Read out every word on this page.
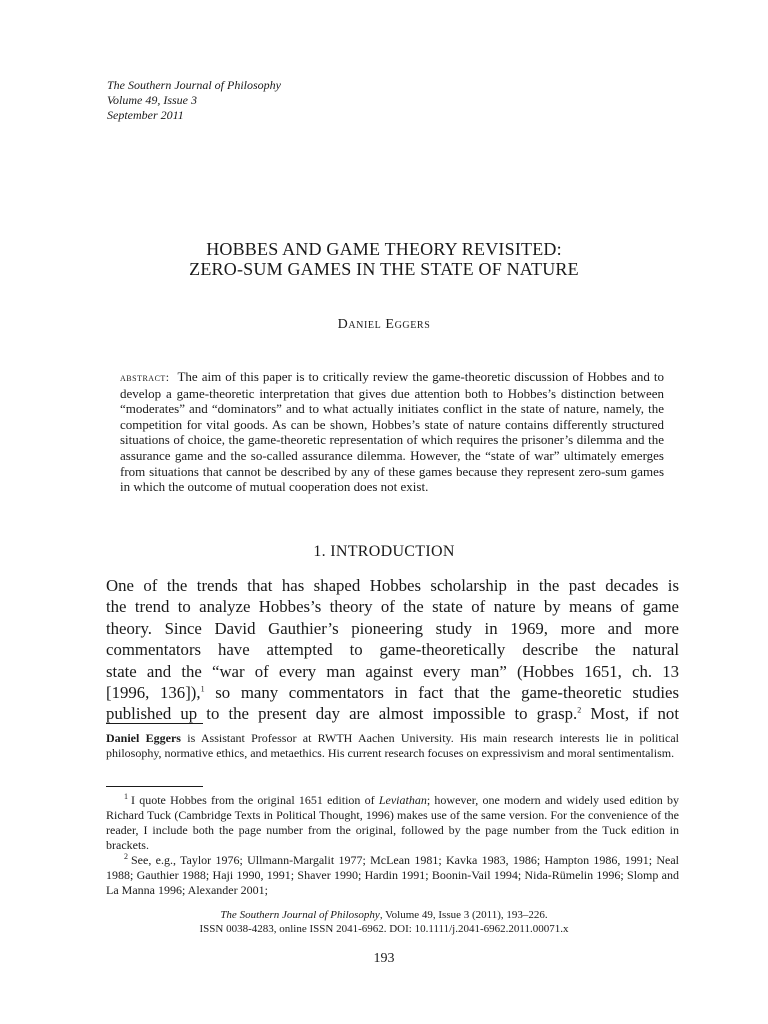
The Southern Journal of Philosophy
Volume 49, Issue 3
September 2011
HOBBES AND GAME THEORY REVISITED:
ZERO-SUM GAMES IN THE STATE OF NATURE
Daniel Eggers
abstract: The aim of this paper is to critically review the game-theoretic discussion of Hobbes and to develop a game-theoretic interpretation that gives due attention both to Hobbes’s distinction between “moderates” and “dominators” and to what actually initiates conflict in the state of nature, namely, the competition for vital goods. As can be shown, Hobbes’s state of nature contains differently structured situations of choice, the game-theoretic representation of which requires the prisoner’s dilemma and the assurance game and the so-called assurance dilemma. However, the “state of war” ultimately emerges from situations that cannot be described by any of these games because they represent zero-sum games in which the outcome of mutual cooperation does not exist.
1. INTRODUCTION
One of the trends that has shaped Hobbes scholarship in the past decades is
the trend to analyze Hobbes’s theory of the state of nature by means of game
theory. Since David Gauthier’s pioneering study in 1969, more and more
commentators have attempted to game-theoretically describe the natural
state and the “war of every man against every man” (Hobbes 1651, ch. 13
[1996, 136]),$^1$ so many commentators in fact that the game-theoretic studies
published up to the present day are almost impossible to grasp.$^2$ Most, if not
Daniel Eggers is Assistant Professor at RWTH Aachen University. His main research interests lie in political philosophy, normative ethics, and metaethics. His current research focuses on expressivism and moral sentimentalism.
$^1$ I quote Hobbes from the original 1651 edition of Leviathan; however, one modern and widely used edition by Richard Tuck (Cambridge Texts in Political Thought, 1996) makes use of the same version. For the convenience of the reader, I include both the page number from the original, followed by the page number from the Tuck edition in brackets.
$^2$ See, e.g., Taylor 1976; Ullmann-Margalit 1977; McLean 1981; Kavka 1983, 1986; Hampton 1986, 1991; Neal 1988; Gauthier 1988; Haji 1990, 1991; Shaver 1990; Hardin 1991; Boonin-Vail 1994; Nida-Rümelin 1996; Slomp and La Manna 1996; Alexander 2001;
The Southern Journal of Philosophy, Volume 49, Issue 3 (2011), 193–226.
ISSN 0038-4283, online ISSN 2041-6962. DOI: 10.1111/j.2041-6962.2011.00071.x
193
